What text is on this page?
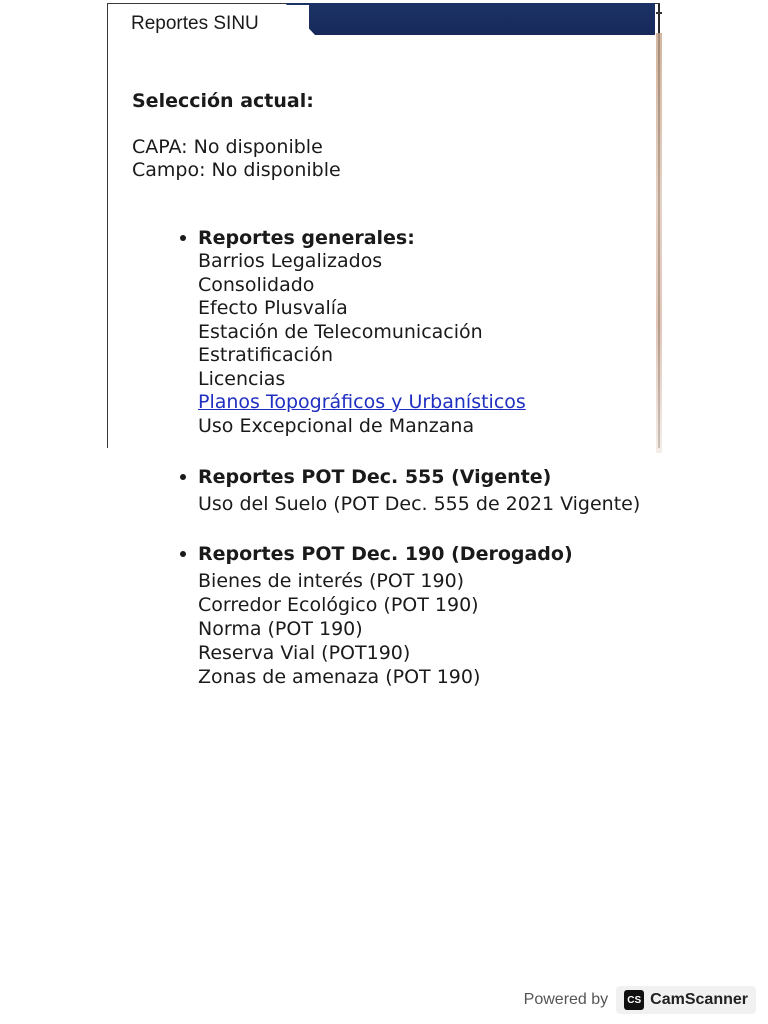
Reportes SINU
Selección actual:
CAPA: No disponible
Campo: No disponible
Reportes generales:
Barrios Legalizados
Consolidado
Efecto Plusvalía
Estación de Telecomunicación
Estratificación
Licencias
Planos Topográficos y Urbanísticos
Uso Excepcional de Manzana
Reportes POT Dec. 555 (Vigente)
Uso del Suelo (POT Dec. 555 de 2021 Vigente)
Reportes POT Dec. 190 (Derogado)
Bienes de interés (POT 190)
Corredor Ecológico (POT 190)
Norma (POT 190)
Reserva Vial (POT190)
Zonas de amenaza (POT 190)
Powered by	CS CamScanner
